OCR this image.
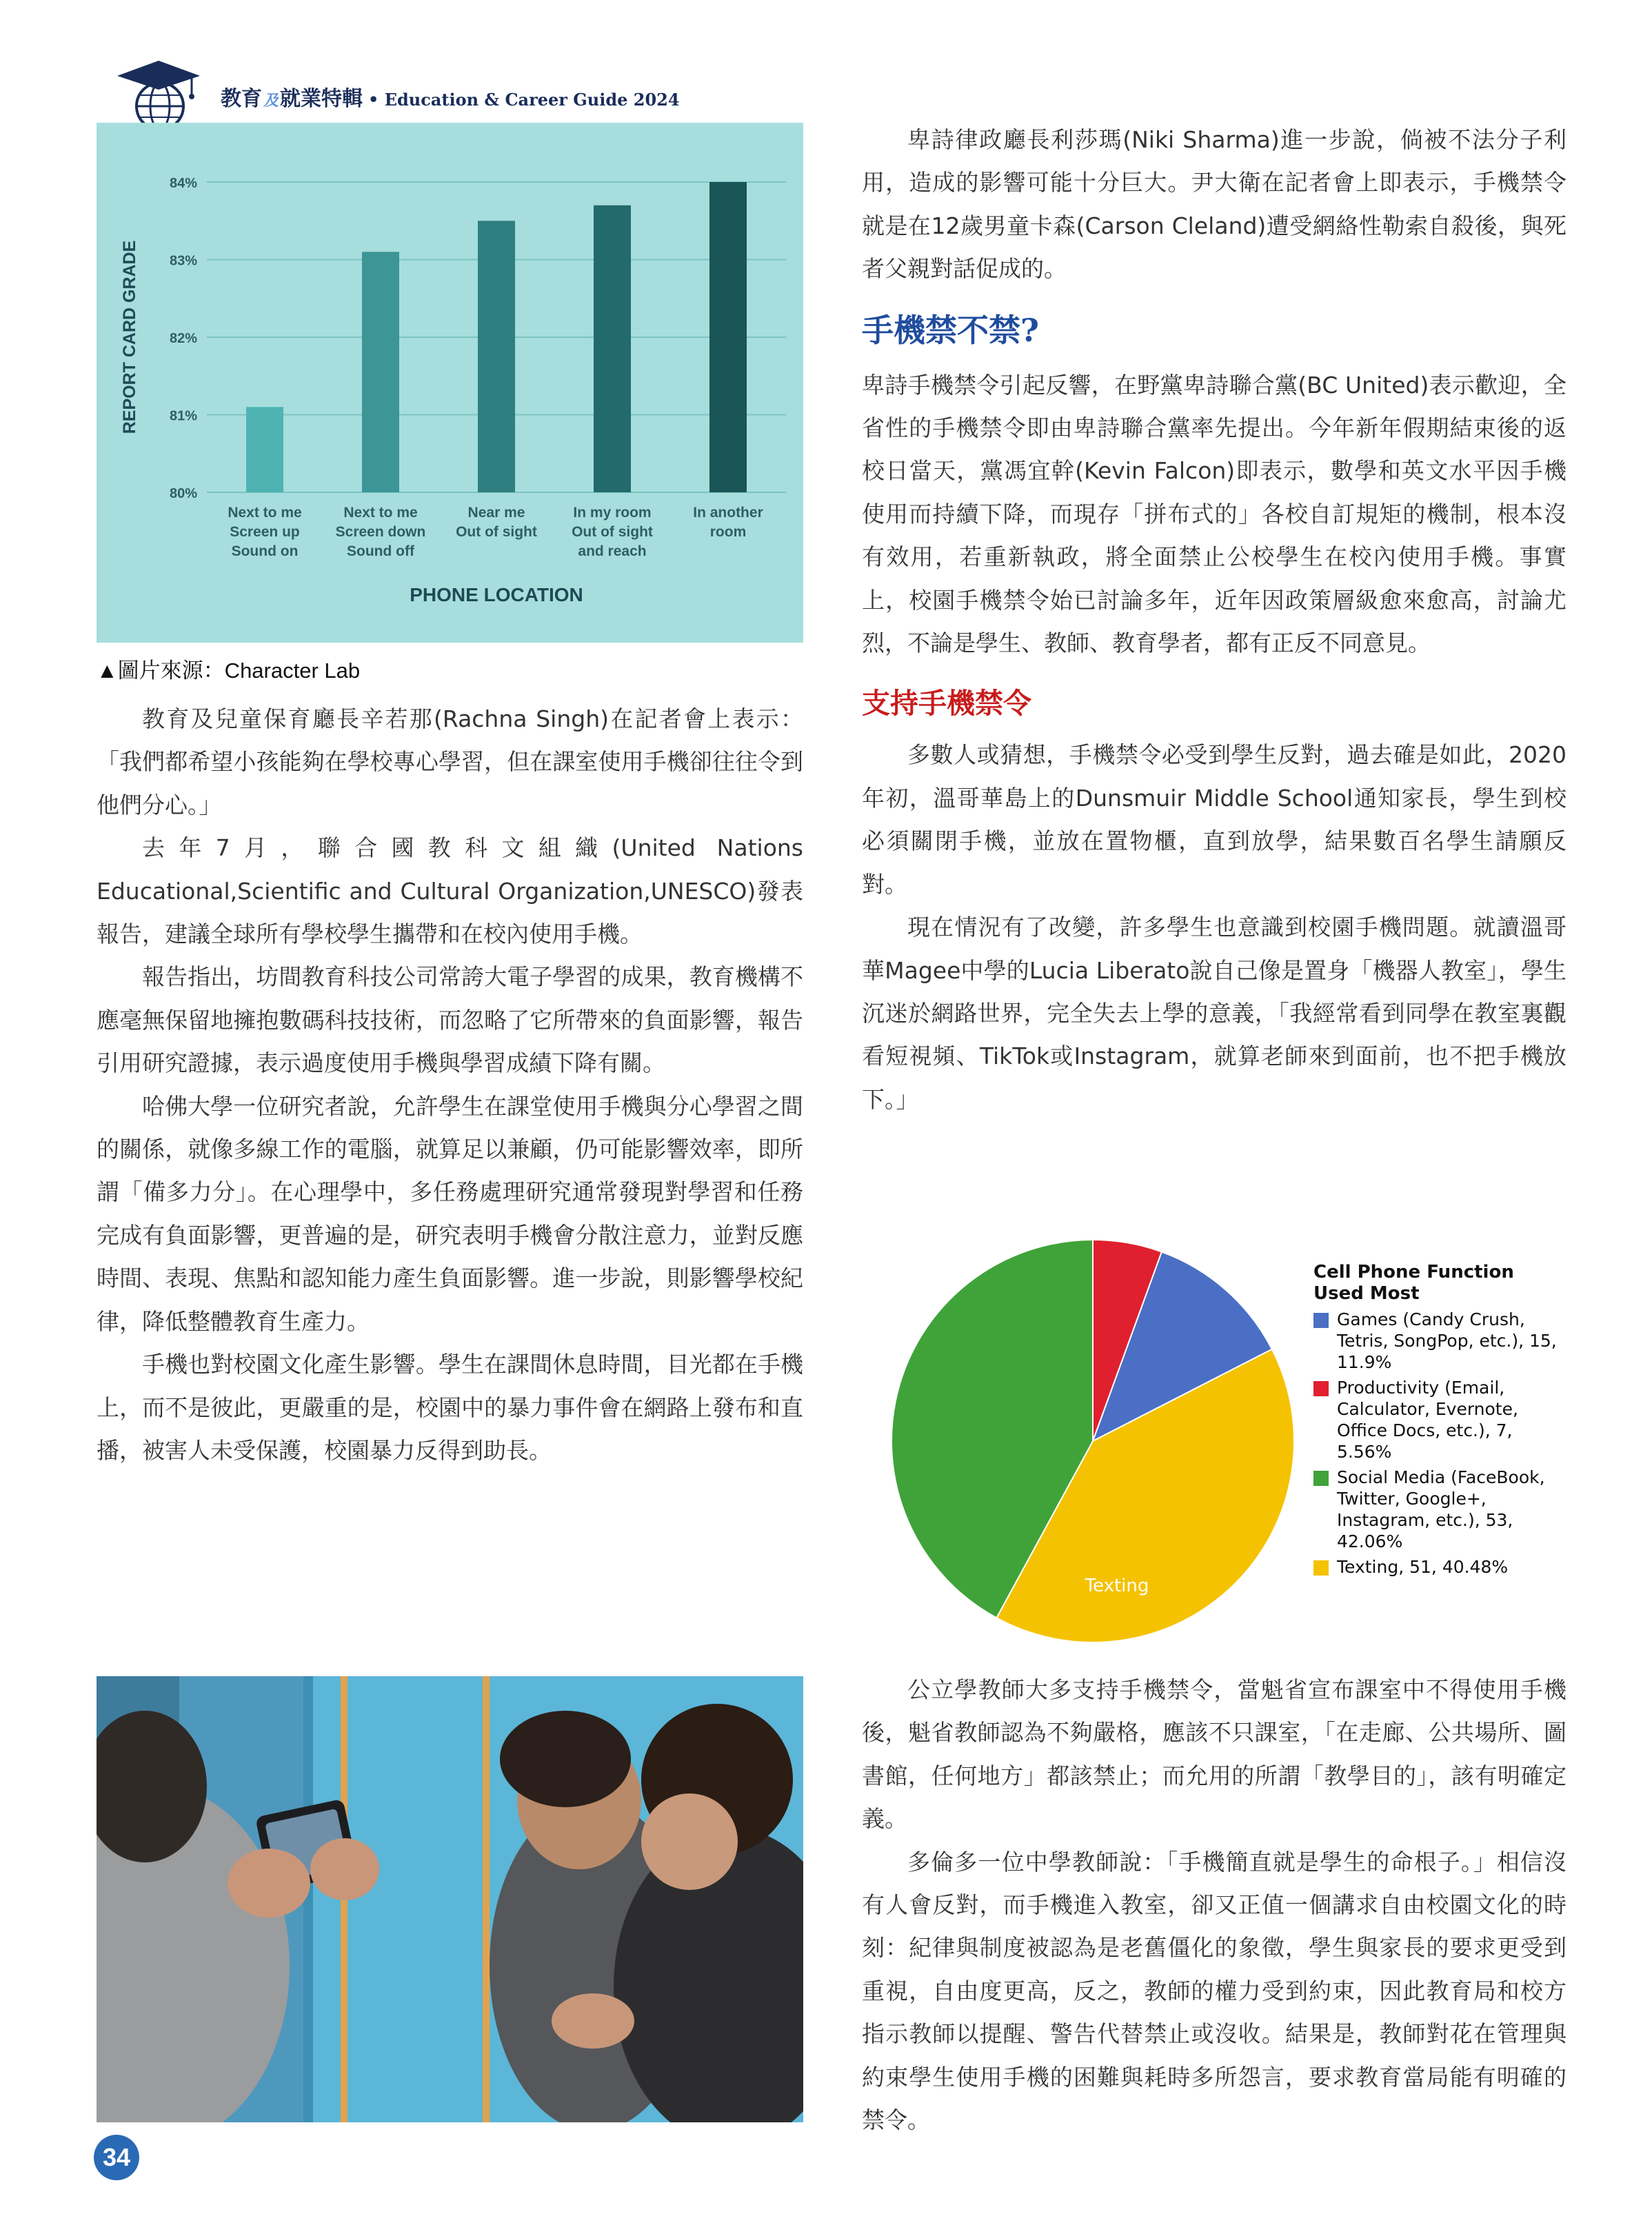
教育及就業特輯 • Education & Career Guide 2024
84%
83%
82%
81%
80%
REPORT CARD GRADE
Next to me
Screen up
Sound on
Next to me
Screen down
Sound off
Near me
Out of sight
In my room
Out of sight
and reach
In another
room
PHONE LOCATION
▲圖片來源：Character Lab

教育及兒童保育廳長辛若那(Rachna Singh)在記者會上表示：「我們都希望小孩能夠在學校專心學習，但在課室使用手機卻往往令到他們分心。」

去年7月，聯合國教科文組織(United Nations Educational,Scientific and Cultural Organization,UNESCO)發表報告，建議全球所有學校學生攜帶和在校內使用手機。

報告指出，坊間教育科技公司常誇大電子學習的成果，教育機構不應毫無保留地擁抱數碼科技技術，而忽略了它所帶來的負面影響，報告引用研究證據，表示過度使用手機與學習成績下降有關。

哈佛大學一位研究者說，允許學生在課堂使用手機與分心學習之間的關係，就像多線工作的電腦，就算足以兼顧，仍可能影響效率，即所謂「備多力分」。在心理學中，多任務處理研究通常發現對學習和任務完成有負面影響，更普遍的是，研究表明手機會分散注意力，並對反應時間、表現、焦點和認知能力產生負面影響。進一步說，則影響學校紀律，降低整體教育生產力。

手機也對校園文化產生影響。學生在課間休息時間，目光都在手機上，而不是彼此，更嚴重的是，校園中的暴力事件會在網路上發布和直播，被害人未受保護，校園暴力反得到助長。

卑詩律政廳長利莎瑪(Niki Sharma)進一步說，倘被不法分子利用，造成的影響可能十分巨大。尹大衛在記者會上即表示，手機禁令就是在12歲男童卡森(Carson Cleland)遭受網絡性勒索自殺後，與死者父親對話促成的。

手機禁不禁?

卑詩手機禁令引起反響，在野黨卑詩聯合黨(BC United)表示歡迎，全省性的手機禁令即由卑詩聯合黨率先提出。今年新年假期結束後的返校日當天，黨馮宜幹(Kevin Falcon)即表示，數學和英文水平因手機使用而持續下降，而現存「拼布式的」各校自訂規矩的機制，根本沒有效用，若重新執政，將全面禁止公校學生在校內使用手機。事實上，校園手機禁令始已討論多年，近年因政策層級愈來愈高，討論尤烈，不論是學生、教師、教育學者，都有正反不同意見。

支持手機禁令

多數人或猜想，手機禁令必受到學生反對，過去確是如此，2020年初，溫哥華島上的Dunsmuir Middle School通知家長，學生到校必須關閉手機，並放在置物櫃，直到放學，結果數百名學生請願反對。

現在情況有了改變，許多學生也意識到校園手機問題。就讀溫哥華Magee中學的Lucia Liberato說自己像是置身「機器人教室」，學生沉迷於網路世界，完全失去上學的意義，「我經常看到同學在教室裏觀看短視頻、TikTok或Instagram，就算老師來到面前，也不把手機放下。」

Texting
Cell Phone Function Used Most
Games (Candy Crush, Tetris, SongPop, etc.), 15, 11.9%
Productivity (Email, Calculator, Evernote, Office Docs, etc.), 7, 5.56%
Social Media (FaceBook, Twitter, Google+, Instagram, etc.), 53, 42.06%
Texting, 51, 40.48%

公立學教師大多支持手機禁令，當魁省宣布課室中不得使用手機後，魁省教師認為不夠嚴格，應該不只課室，「在走廊、公共場所、圖書館，任何地方」都該禁止；而允用的所謂「教學目的」，該有明確定義。

多倫多一位中學教師說：「手機簡直就是學生的命根子。」相信沒有人會反對，而手機進入教室，卻又正值一個講求自由校園文化的時刻：紀律與制度被認為是老舊僵化的象徵，學生與家長的要求更受到重視，自由度更高，反之，教師的權力受到約束，因此教育局和校方指示教師以提醒、警告代替禁止或沒收。結果是，教師對花在管理與約束學生使用手機的困難與耗時多所怨言，要求教育當局能有明確的禁令。

34
